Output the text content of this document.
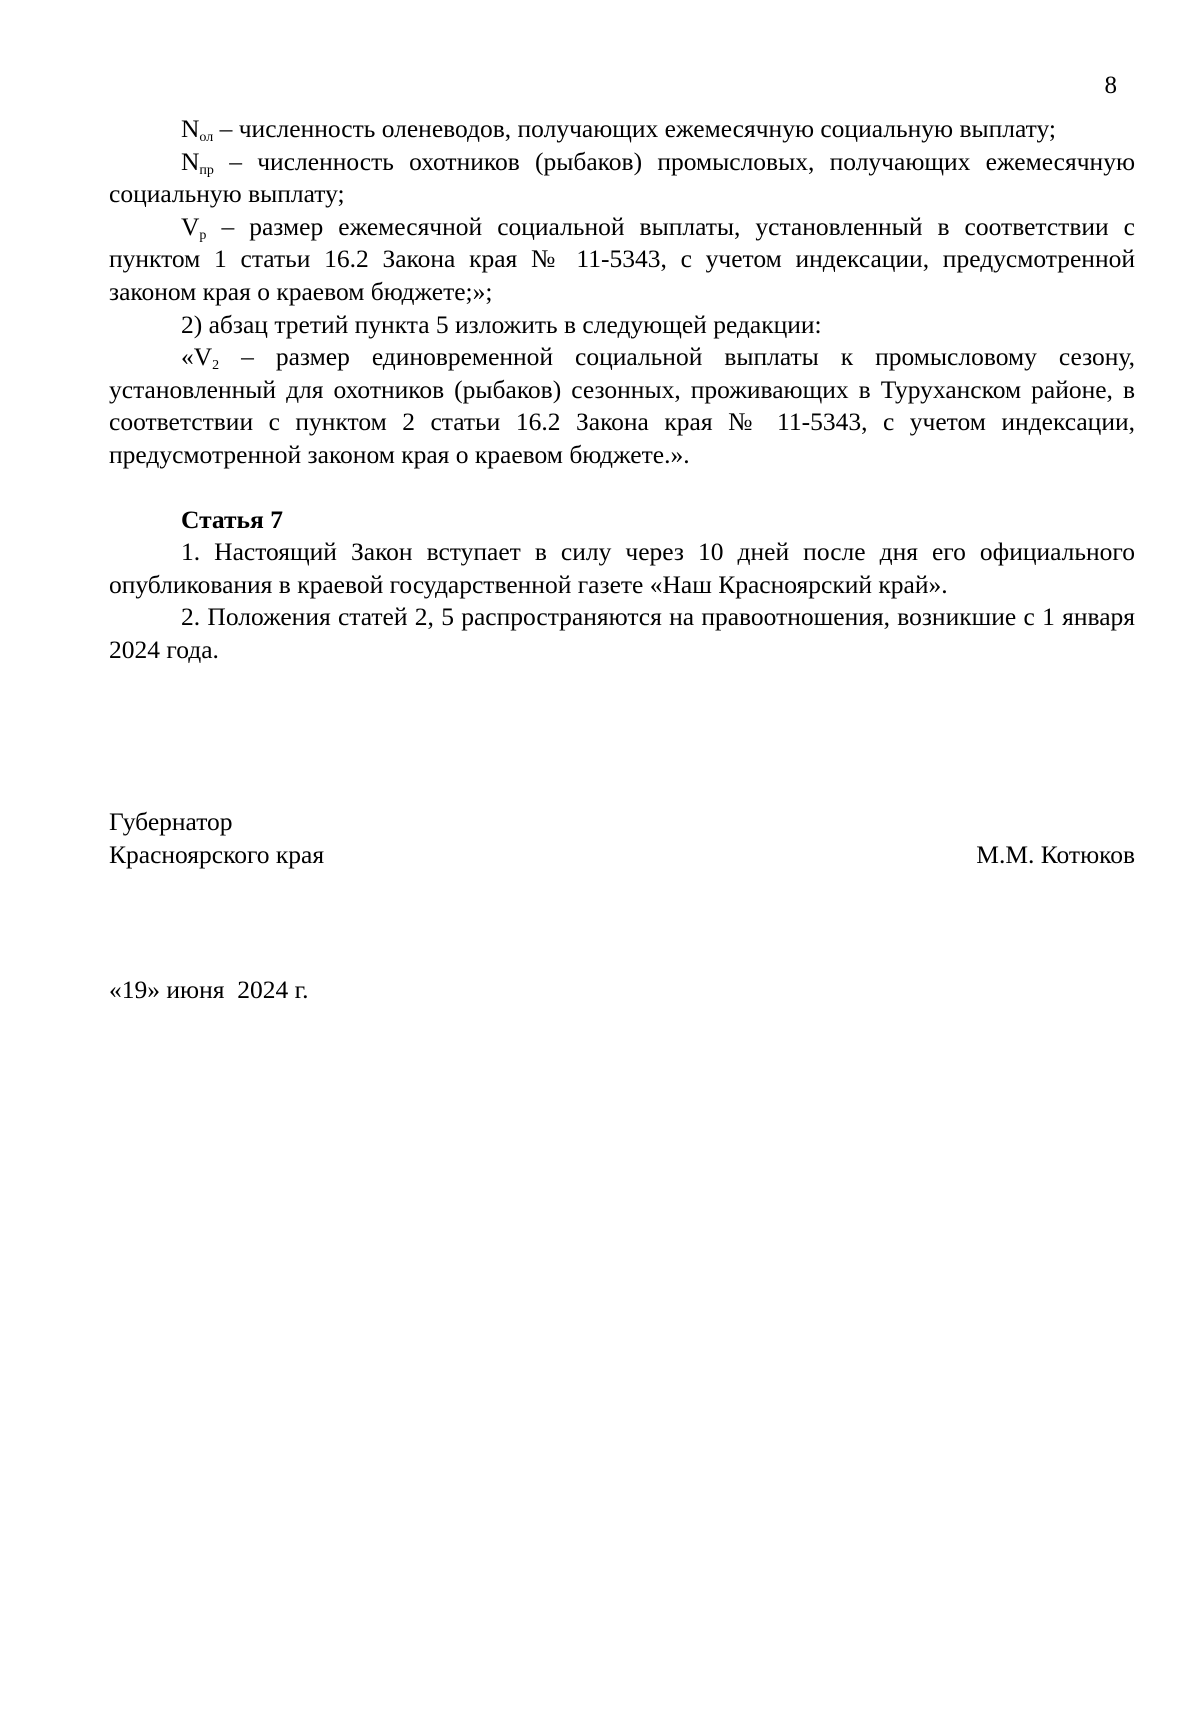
8

$N_{ол}$ – численность оленеводов, получающих ежемесячную социальную выплату;

$N_{пр}$ – численность охотников (рыбаков) промысловых, получающих ежемесячную социальную выплату;

$V_р$ – размер ежемесячной социальной выплаты, установленный в соответствии с пунктом 1 статьи 16.2 Закона края № 11-5343, с учетом индексации, предусмотренной законом края о краевом бюджете;»;

2) абзац третий пункта 5 изложить в следующей редакции:

«$V_2$ – размер единовременной социальной выплаты к промысловому сезону, установленный для охотников (рыбаков) сезонных, проживающих в Туруханском районе, в соответствии с пунктом 2 статьи 16.2 Закона края № 11-5343, с учетом индексации, предусмотренной законом края о краевом бюджете.».

Статья 7

1. Настоящий Закон вступает в силу через 10 дней после дня его официального опубликования в краевой государственной газете «Наш Красноярский край».

2. Положения статей 2, 5 распространяются на правоотношения, возникшие с 1 января 2024 года.

Губернатор
Красноярского края	М.М. Котюков
«19» июня  2024 г.
